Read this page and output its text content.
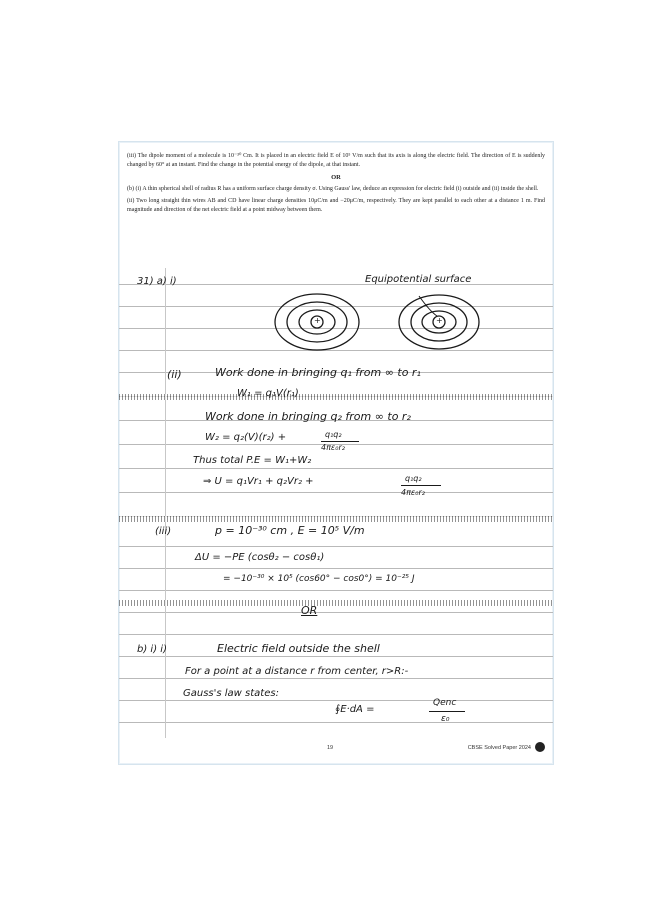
(iii) The dipole moment of a molecule is 10⁻³⁰ Cm. It is placed in an electric field E of 10⁵ V/m such that its axis is along the electric field. The direction of E is suddenly changed by 60° at an instant. Find the change in the potential energy of the dipole, at that instant.

OR

(b) (i) A thin spherical shell of radius R has a uniform surface charge density σ. Using Gauss' law, deduce an expression for electric field (i) outside and (ii) inside the shell.

(ii) Two long straight thin wires AB and CD have linear charge densities 10μC/m and −20μC/m, respectively. They are kept parallel to each other at a distance 1 m. Find magnitude and direction of the net electric field at a point midway between them.

31) a) i)	Equipotential surface
+	+
(ii)	Work done in bringing q₁ from ∞ to r₁
W₁ = q₁V(r₁)
Work done in bringing q₂ from ∞ to r₂
W₂ = q₂(V)(r₂) +	q₁q₂
4πε₀r₂
Thus total P.E = W₁+W₂
⇒ U = q₁Vr₁ + q₂Vr₂ +	q₁q₂
4πε₀r₂
(iii)	p = 10⁻³⁰ cm , E = 10⁵ V/m
ΔU = −PE (cosθ₂ − cosθ₁)
= −10⁻³⁰ × 10⁵ (cos60° − cos0°) = 10⁻²⁵ J
OR
b) i) i)	Electric field outside the shell
For a point at a distance r from center, r>R:-
Gauss's law states:
∮E·dA =
Qenc
ε₀
19	CBSE Solved Paper 2024
